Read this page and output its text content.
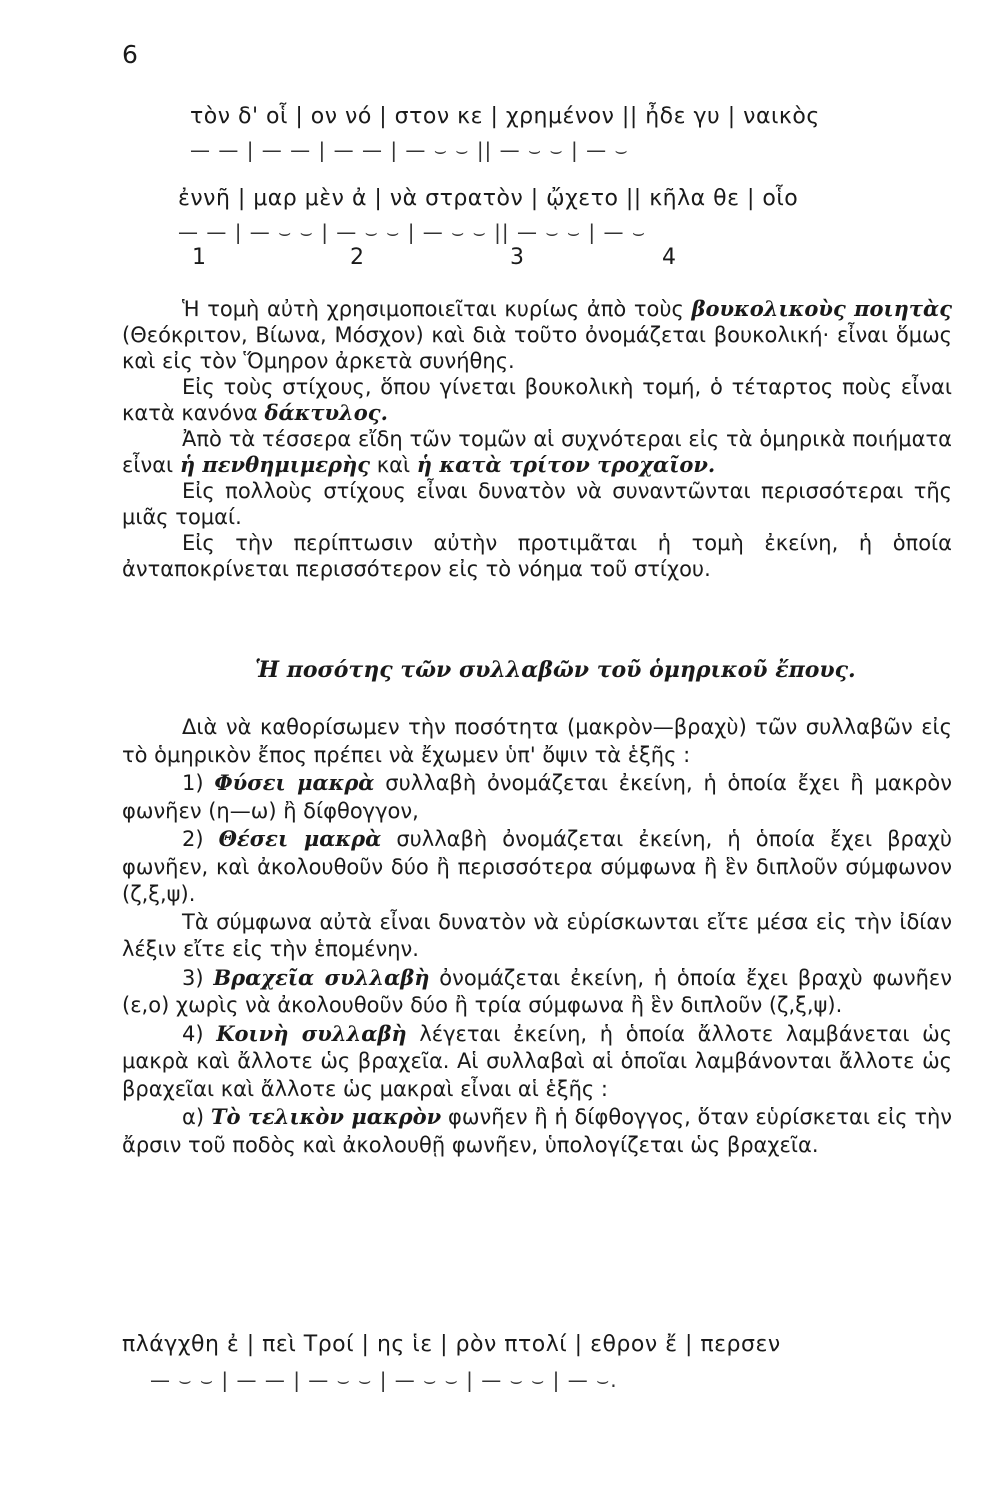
6
τὸν δ' οἷ | ον νό | στον κε | χρημένον || ἦδε γυ | ναικὸς
— — | — — | — — | — ⌣ ⌣ || — ⌣ ⌣ | — ⌣
ἐννῆ | μαρ μὲν ἀ | νὰ στρατὸν | ᾤχετο || κῆλα θε | οἷο
— — | — ⌣ ⌣ | — ⌣ ⌣ | — ⌣ ⌣ || — ⌣ ⌣ | — ⌣
1	2	3	4

Ἡ τομὴ αὐτὴ χρησιμοποιεῖται κυρίως ἀπὸ τοὺς βουκολικοὺς ποιητὰς (Θεόκριτον, Βίωνα, Μόσχον) καὶ διὰ τοῦτο ὀνομάζεται βουκολική· εἶναι ὅμως καὶ εἰς τὸν Ὅμηρον ἀρκετὰ συνήθης.

Εἰς τοὺς στίχους, ὅπου γίνεται βουκολικὴ τομή, ὁ τέταρτος ποὺς εἶναι κατὰ κανόνα δάκτυλος.

Ἀπὸ τὰ τέσσερα εἴδη τῶν τομῶν αἱ συχνότεραι εἰς τὰ ὁμηρικὰ ποιήματα εἶναι ἡ πενθημιμερὴς καὶ ἡ κατὰ τρίτον τροχαῖον.

Εἰς πολλοὺς στίχους εἶναι δυνατὸν νὰ συναντῶνται περισσότεραι τῆς μιᾶς τομαί.

Εἰς τὴν περίπτωσιν αὐτὴν προτιμᾶται ἡ τομὴ ἐκείνη, ἡ ὁποία ἀνταποκρίνεται περισσότερον εἰς τὸ νόημα τοῦ στίχου.

Ἡ ποσότης τῶν συλλαβῶν τοῦ ὁμηρικοῦ ἔπους.

Διὰ νὰ καθορίσωμεν τὴν ποσότητα (μακρὸν—βραχὺ) τῶν συλλαβῶν εἰς τὸ ὁμηρικὸν ἔπος πρέπει νὰ ἔχωμεν ὑπ' ὄψιν τὰ ἑξῆς :

1) Φύσει μακρὰ συλλαβὴ ὀνομάζεται ἐκείνη, ἡ ὁποία ἔχει ἢ μακρὸν φωνῆεν (η—ω) ἢ δίφθογγον,

2) Θέσει μακρὰ συλλαβὴ ὀνομάζεται ἐκείνη, ἡ ὁποία ἔχει βραχὺ φωνῆεν, καὶ ἀκολουθοῦν δύο ἢ περισσότερα σύμφωνα ἢ ἓν διπλοῦν σύμφωνον (ζ,ξ,ψ).

Τὰ σύμφωνα αὐτὰ εἶναι δυνατὸν νὰ εὑρίσκωνται εἴτε μέσα εἰς τὴν ἰδίαν λέξιν εἴτε εἰς τὴν ἑπομένην.

3) Βραχεῖα συλλαβὴ ὀνομάζεται ἐκείνη, ἡ ὁποία ἔχει βραχὺ φωνῆεν (ε,ο) χωρὶς νὰ ἀκολουθοῦν δύο ἢ τρία σύμφωνα ἢ ἓν διπλοῦν (ζ,ξ,ψ).

4) Κοινὴ συλλαβὴ λέγεται ἐκείνη, ἡ ὁποία ἄλλοτε λαμβάνεται ὡς μακρὰ καὶ ἄλλοτε ὡς βραχεῖα. Αἱ συλλαβαὶ αἱ ὁποῖαι λαμβάνονται ἄλλοτε ὡς βραχεῖαι καὶ ἄλλοτε ὡς μακραὶ εἶναι αἱ ἑξῆς :

α) Τὸ τελικὸν μακρὸν φωνῆεν ἢ ἡ δίφθογγος, ὅταν εὑρίσκεται εἰς τὴν ἄρσιν τοῦ ποδὸς καὶ ἀκολουθῇ φωνῆεν, ὑπολογίζεται ὡς βραχεῖα.

πλάγχθη ἐ | πεὶ Τροί | ης ἱε | ρὸν πτολί | εθρον ἔ | περσεν
— ⌣ ⌣ | — — | — ⌣ ⌣ | — ⌣ ⌣ | — ⌣ ⌣ | — ⌣.
